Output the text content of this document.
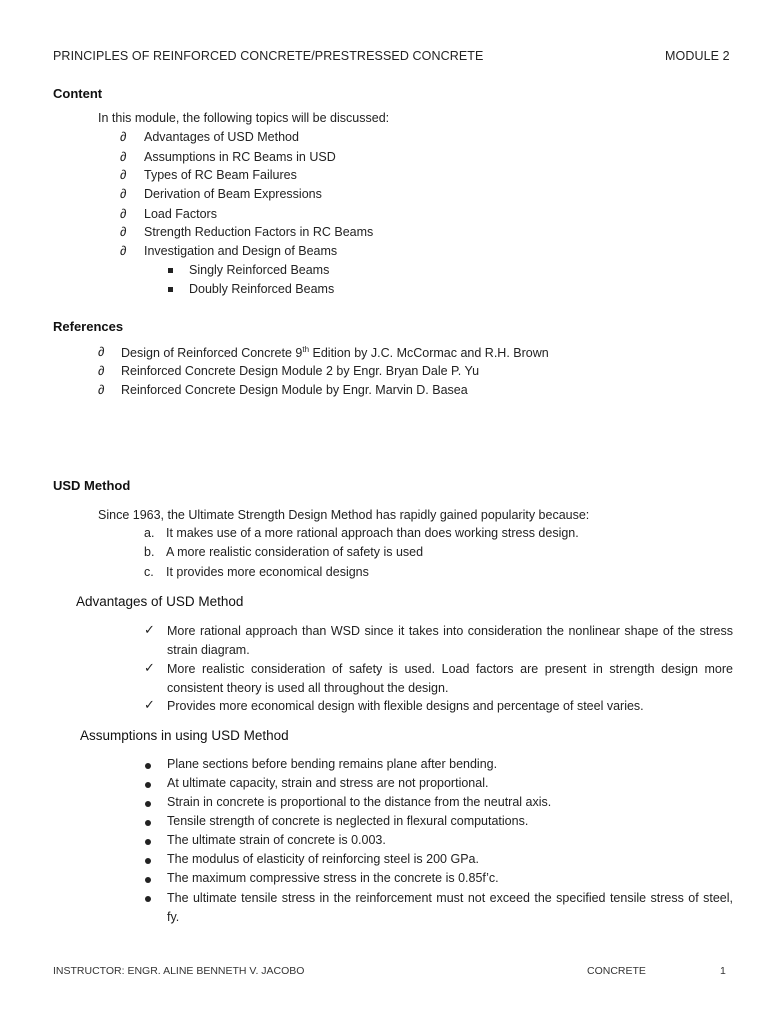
PRINCIPLES OF REINFORCED CONCRETE/PRESTRESSED CONCRETE	MODULE 2
Content
In this module, the following topics will be discussed:
∂ Advantages of USD Method
∂ Assumptions in RC Beams in USD
∂ Types of RC Beam Failures
∂ Derivation of Beam Expressions
∂ Load Factors
∂ Strength Reduction Factors in RC Beams
∂ Investigation and Design of Beams
Singly Reinforced Beams
Doubly Reinforced Beams
References
∂ Design of Reinforced Concrete 9th Edition by J.C. McCormac and R.H. Brown
∂ Reinforced Concrete Design Module 2 by Engr. Bryan Dale P. Yu
∂ Reinforced Concrete Design Module by Engr. Marvin D. Basea
USD Method
Since 1963, the Ultimate Strength Design Method has rapidly gained popularity because:
a. It makes use of a more rational approach than does working stress design.
b. A more realistic consideration of safety is used
c. It provides more economical designs
Advantages of USD Method
✓ More rational approach than WSD since it takes into consideration the nonlinear shape of the stress strain diagram.
✓ More realistic consideration of safety is used. Load factors are present in strength design more consistent theory is used all throughout the design.
✓ Provides more economical design with flexible designs and percentage of steel varies.
Assumptions in using USD Method
Plane sections before bending remains plane after bending.
At ultimate capacity, strain and stress are not proportional.
Strain in concrete is proportional to the distance from the neutral axis.
Tensile strength of concrete is neglected in flexural computations.
The ultimate strain of concrete is 0.003.
The modulus of elasticity of reinforcing steel is 200 GPa.
The maximum compressive stress in the concrete is 0.85f’c.
The ultimate tensile stress in the reinforcement must not exceed the specified tensile stress of steel, fy.
INSTRUCTOR: ENGR. ALINE BENNETH V. JACOBO	CONCRETE	1
